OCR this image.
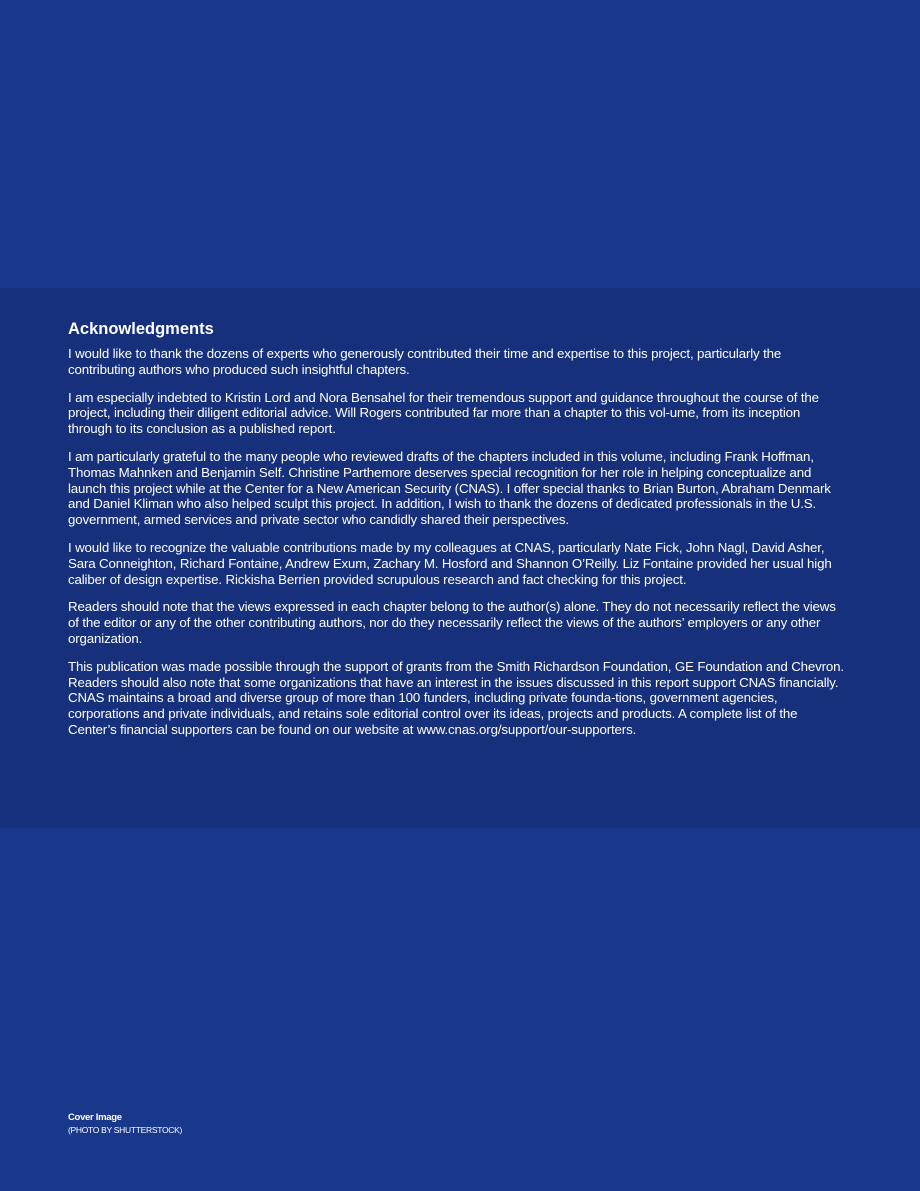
Acknowledgments

I would like to thank the dozens of experts who generously contributed their time and expertise to this project, particularly the contributing authors who produced such insightful chapters.

I am especially indebted to Kristin Lord and Nora Bensahel for their tremendous support and guidance throughout the course of the project, including their diligent editorial advice. Will Rogers contributed far more than a chapter to this vol-ume, from its inception through to its conclusion as a published report.

I am particularly grateful to the many people who reviewed drafts of the chapters included in this volume, including Frank Hoffman, Thomas Mahnken and Benjamin Self. Christine Parthemore deserves special recognition for her role in helping conceptualize and launch this project while at the Center for a New American Security (CNAS). I offer special thanks to Brian Burton, Abraham Denmark and Daniel Kliman who also helped sculpt this project. In addition, I wish to thank the dozens of dedicated professionals in the U.S. government, armed services and private sector who candidly shared their perspectives.

I would like to recognize the valuable contributions made by my colleagues at CNAS, particularly Nate Fick, John Nagl, David Asher, Sara Conneighton, Richard Fontaine, Andrew Exum, Zachary M. Hosford and Shannon O’Reilly. Liz Fontaine provided her usual high caliber of design expertise. Rickisha Berrien provided scrupulous research and fact checking for this project.

Readers should note that the views expressed in each chapter belong to the author(s) alone. They do not necessarily reflect the views of the editor or any of the other contributing authors, nor do they necessarily reflect the views of the authors’ employers or any other organization.

This publication was made possible through the support of grants from the Smith Richardson Foundation, GE Foundation and Chevron. Readers should also note that some organizations that have an interest in the issues discussed in this report support CNAS financially. CNAS maintains a broad and diverse group of more than 100 funders, including private founda-tions, government agencies, corporations and private individuals, and retains sole editorial control over its ideas, projects and products. A complete list of the Center’s financial supporters can be found on our website at www.cnas.org/support/our-supporters.

Cover Image
(PHOTO BY SHUTTERSTOCK)
